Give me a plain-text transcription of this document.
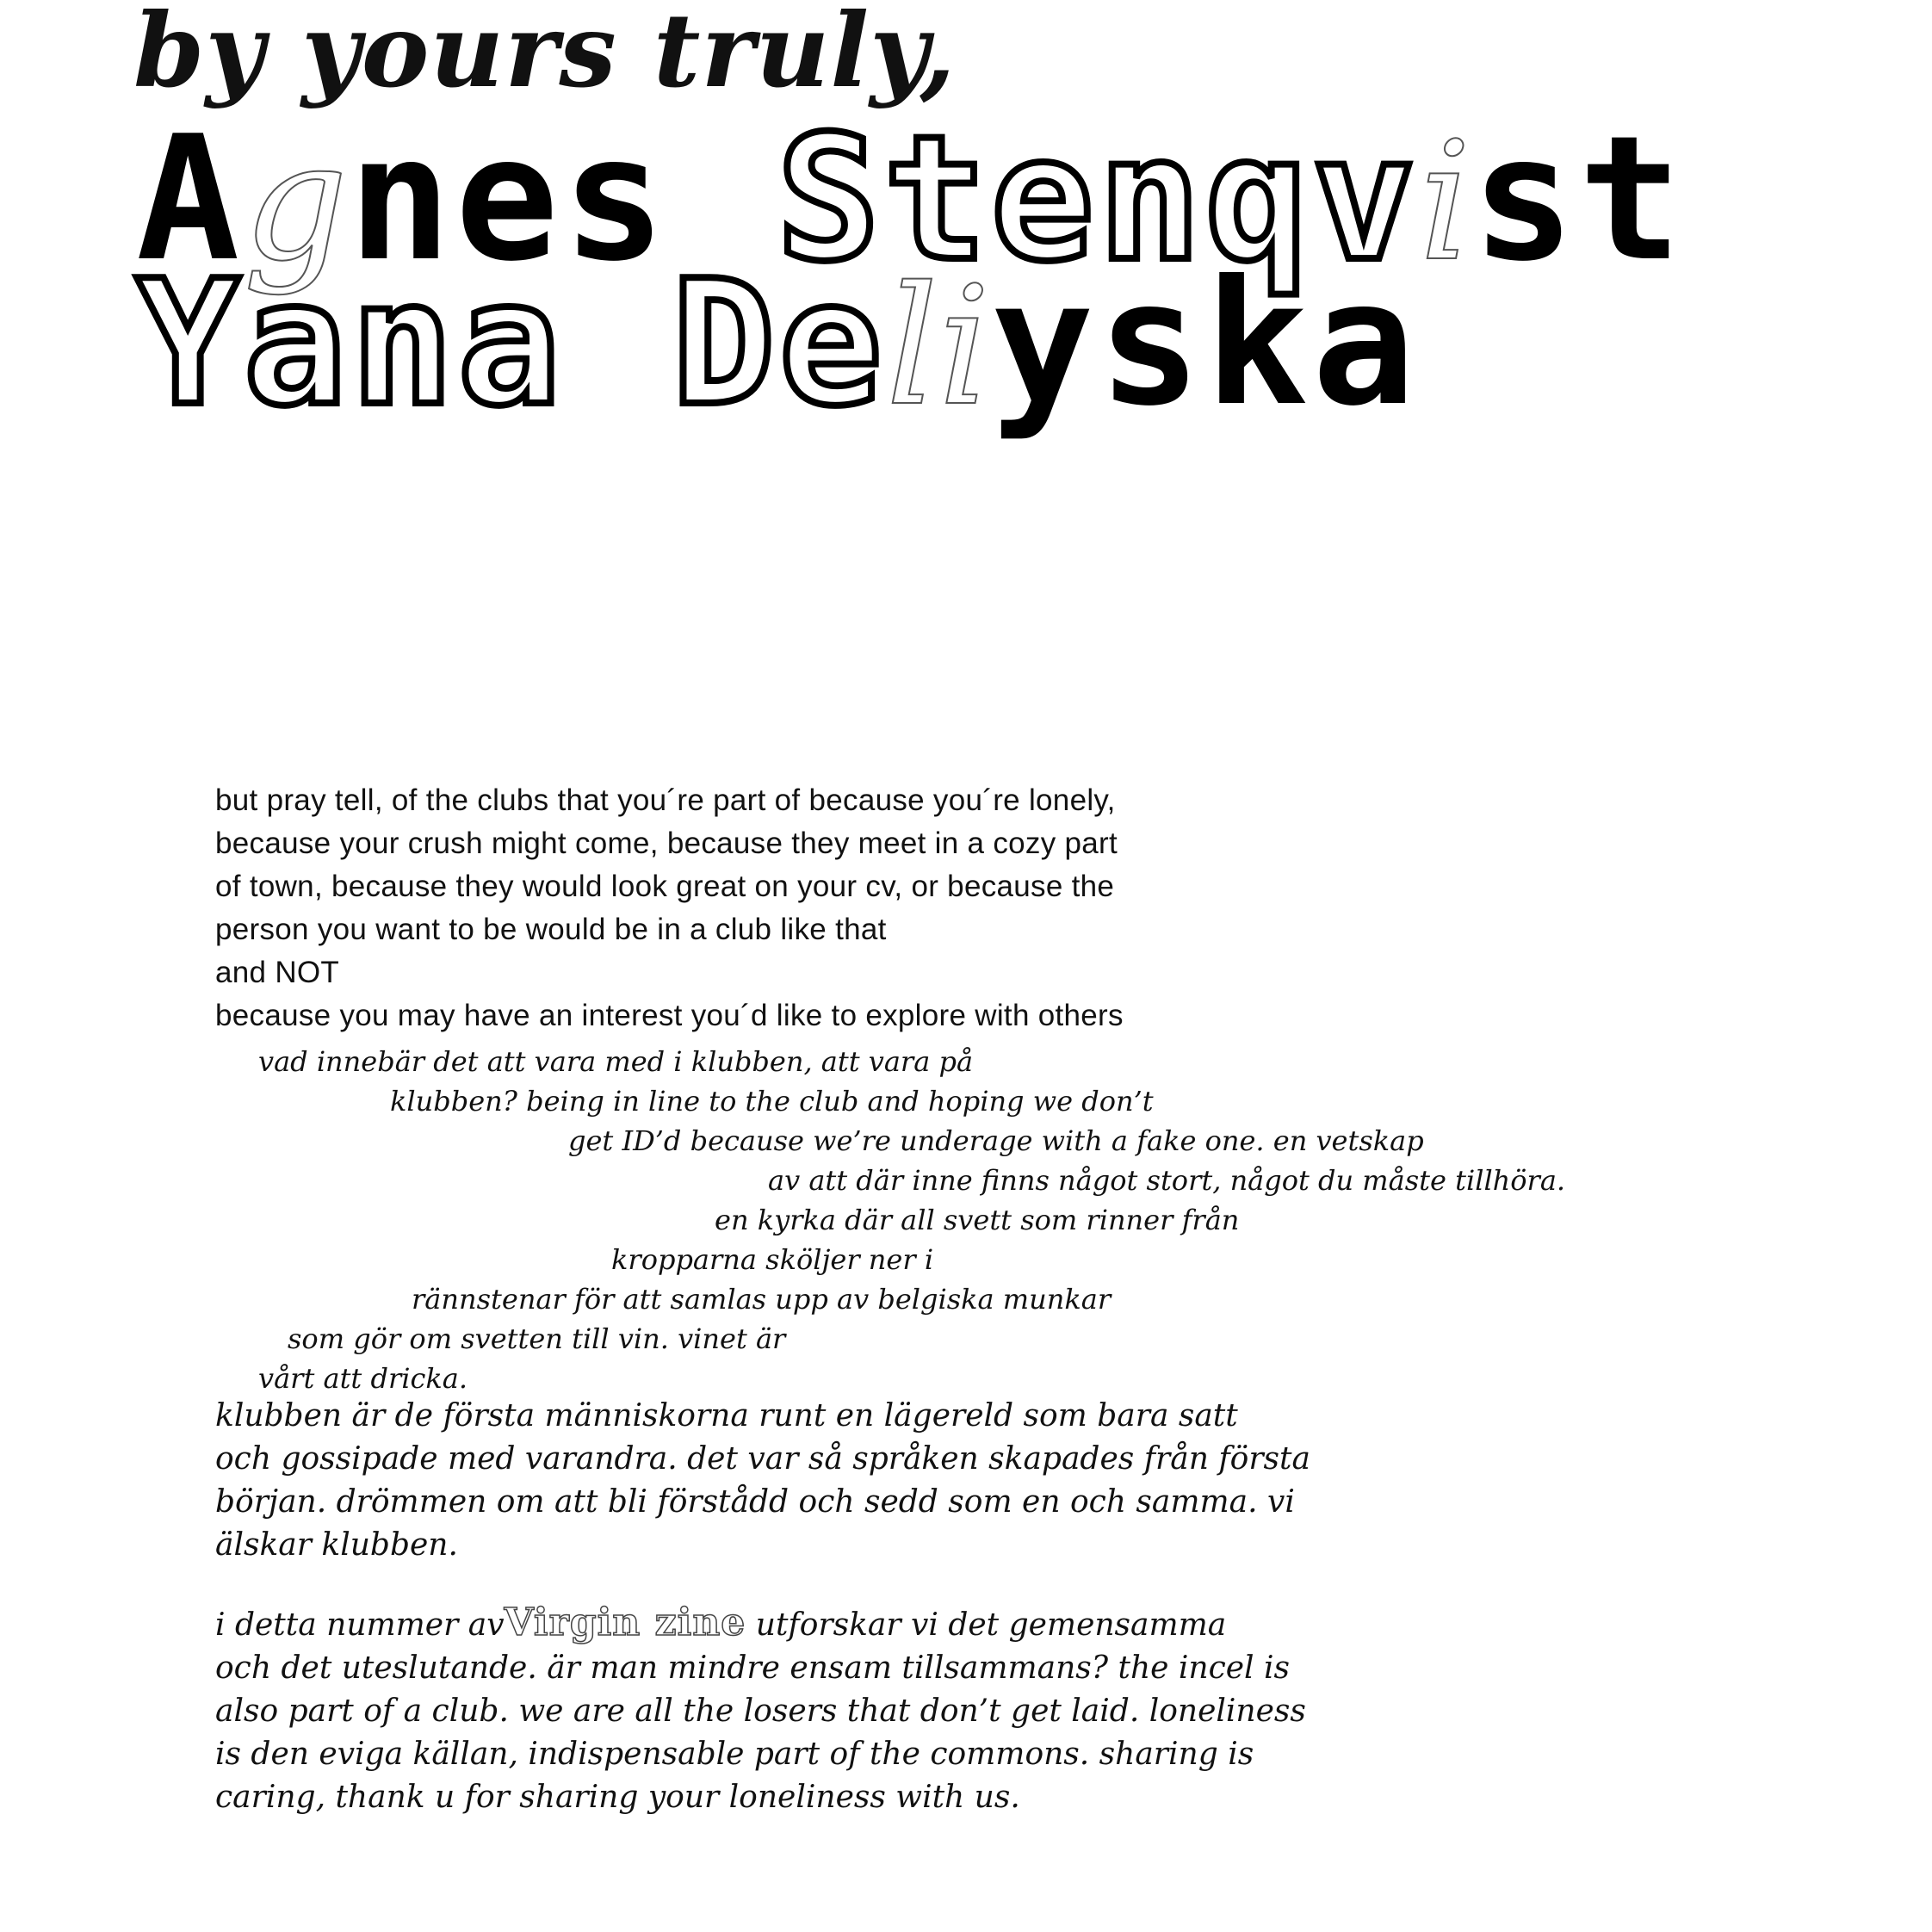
by yours truly,
Agnes Stenqvist
Yana Deliyska
but pray tell, of the clubs that you´re part of because you´re lonely,
because your crush might come, because they meet in a cozy part
of town, because they would look great on your cv, or because the
person you want to be would be in a club like that
and NOT
because you may have an interest you´d like to explore with others
vad innebär det att vara med i klubben, att vara på
klubben? being in line to the club and hoping we don’t
get ID’d because we’re underage with a fake one. en vetskap
av att där inne finns något stort, något du måste tillhöra.
en kyrka där all svett som rinner från
kropparna sköljer ner i
rännstenar för att samlas upp av belgiska munkar
som gör om svetten till vin. vinet är
vårt att dricka.
klubben är de första människorna runt en lägereld som bara satt
och gossipade med varandra. det var så språken skapades från första
början. drömmen om att bli förstådd och sedd som en och samma. vi
älskar klubben.
i detta nummer avVirgin zine utforskar vi det gemensamma
och det uteslutande. är man mindre ensam tillsammans? the incel is
also part of a club. we are all the losers that don’t get laid. loneliness
is den eviga källan, indispensable part of the commons. sharing is
caring, thank u for sharing your loneliness with us.
